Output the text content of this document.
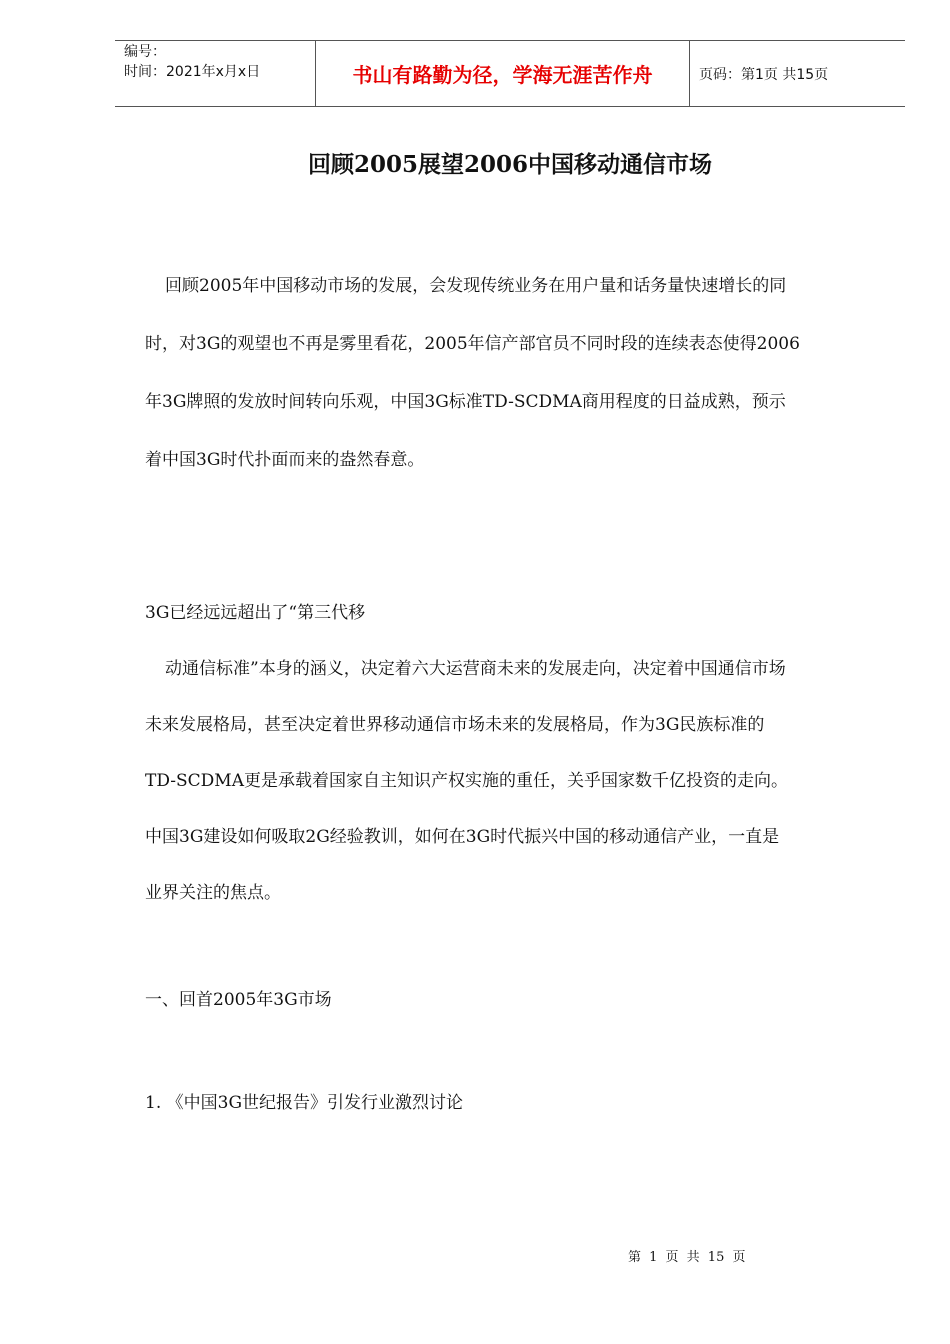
编号：
时间：2021年x月x日	书山有路勤为径，学海无涯苦作舟	页码：第1页 共15页
回顾2005展望2006中国移动通信市场
回顾2005年中国移动市场的发展，会发现传统业务在用户量和话务量快速增长的同
时，对3G的观望也不再是雾里看花，2005年信产部官员不同时段的连续表态使得2006
年3G牌照的发放时间转向乐观，中国3G标准TD-SCDMA商用程度的日益成熟，预示
着中国3G时代扑面而来的盎然春意。
3G已经远远超出了“第三代移
动通信标准”本身的涵义，决定着六大运营商未来的发展走向，决定着中国通信市场
未来发展格局，甚至决定着世界移动通信市场未来的发展格局，作为3G民族标准的
TD-SCDMA更是承载着国家自主知识产权实施的重任，关乎国家数千亿投资的走向。
中国3G建设如何吸取2G经验教训，如何在3G时代振兴中国的移动通信产业，一直是
业界关注的焦点。
一、回首2005年3G市场
1. 《中国3G世纪报告》引发行业激烈讨论
第 1 页 共 15 页
